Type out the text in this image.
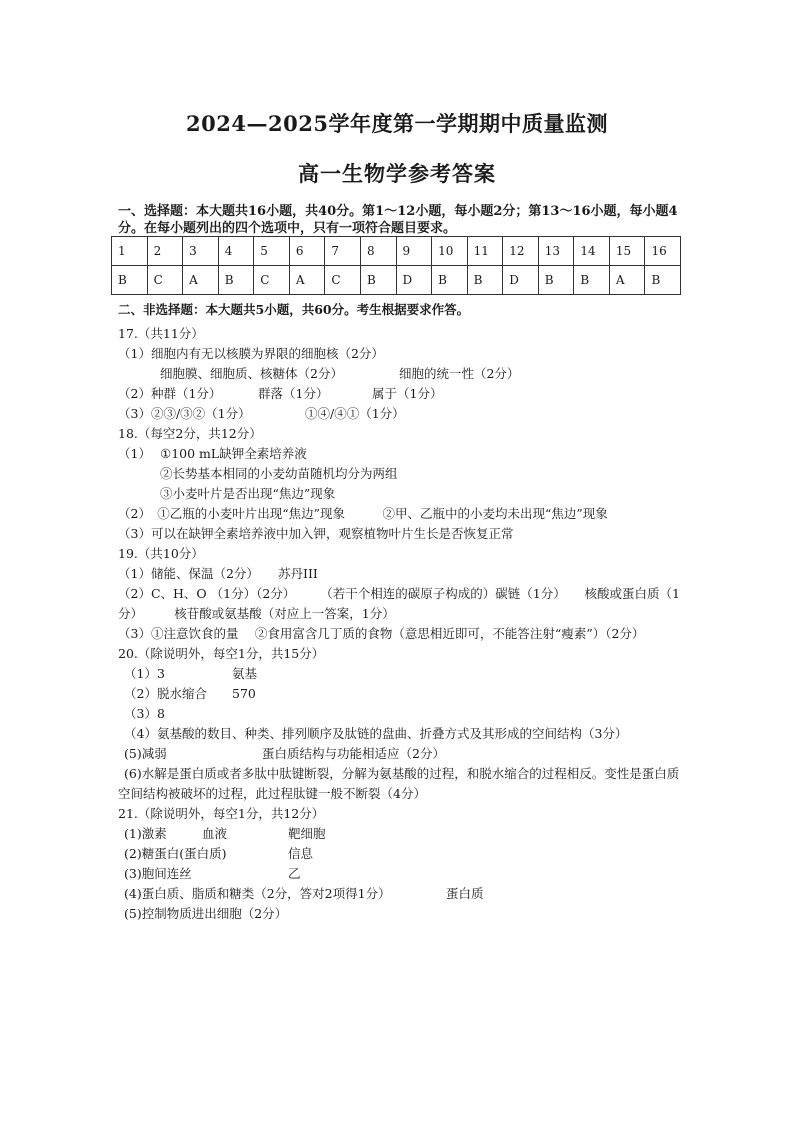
2024—2025学年度第一学期期中质量监测
高一生物学参考答案
一、选择题：本大题共16小题，共40分。第1～12小题，每小题2分；第13～16小题，每小题4分。在每小题列出的四个选项中，只有一项符合题目要求。
1	2	3	4	5	6	7	8	9	10	11	12	13	14	15	16
B	C	A	B	C	A	C	B	D	B	B	D	B	B	A	B
二、非选择题：本大题共5小题，共60分。考生根据要求作答。
17.（共11分）
（1）细胞内有无以核膜为界限的细胞核（2分）
细胞膜、细胞质、核糖体（2分）	细胞的统一性（2分）
（2）种群（1分）	群落（1分）	属于（1分）
（3）②③/③②（1分）	①④/④①（1分）
18.（每空2分，共12分）
（1） ①100 mL缺钾全素培养液
②长势基本相同的小麦幼苗随机均分为两组
③小麦叶片是否出现“焦边”现象
（2）　①乙瓶的小麦叶片出现“焦边”现象　　　②甲、乙瓶中的小麦均未出现“焦边”现象
（3）可以在缺钾全素培养液中加入钾，观察植物叶片生长是否恢复正常
19.（共10分）
（1）储能、保温（2分） 苏丹III
（2）C、H、O （1分）（2分）　　　（若干个相连的碳原子构成的）碳链（1分）　　核酸或蛋白质（1分）　　　核苷酸或氨基酸（对应上一答案，1分）
（3）①注意饮食的量　 ②食用富含几丁质的食物（意思相近即可，不能答注射“瘦素”）（2分）
20.（除说明外，每空1分，共15分）
（1）3	氨基
（2）脱水缩合 570
（3）8
（4）氨基酸的数目、种类、排列顺序及肽链的盘曲、折叠方式及其形成的空间结构（3分）
(5)减弱	蛋白质结构与功能相适应（2分）
(6)水解是蛋白质或者多肽中肽键断裂，分解为氨基酸的过程，和脱水缩合的过程相反。变性是蛋白质空间结构被破坏的过程，此过程肽键一般不断裂（4分）
21.（除说明外，每空1分，共12分）
(1)激素	血液	靶细胞
(2)糖蛋白(蛋白质)	信息
(3)胞间连丝	乙
(4)蛋白质、脂质和糖类（2分，答对2项得1分）	蛋白质
(5)控制物质进出细胞（2分）
